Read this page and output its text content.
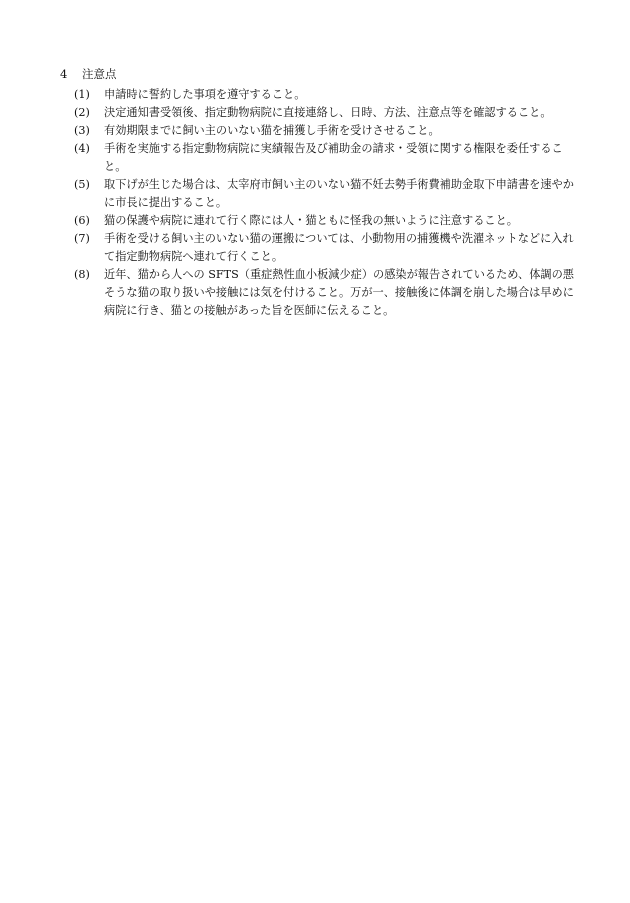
4 注意点
(1)	申請時に誓約した事項を遵守すること。
(2)	決定通知書受領後、指定動物病院に直接連絡し、日時、方法、注意点等を確認すること。
(3)	有効期限までに飼い主のいない猫を捕獲し手術を受けさせること。
(4)	手術を実施する指定動物病院に実績報告及び補助金の請求・受領に関する権限を委任すること。
(5)	取下げが生じた場合は、太宰府市飼い主のいない猫不妊去勢手術費補助金取下申請書を速やかに市長に提出すること。
(6)	猫の保護や病院に連れて行く際には人・猫ともに怪我の無いように注意すること。
(7)	手術を受ける飼い主のいない猫の運搬については、小動物用の捕獲機や洗濯ネットなどに入れて指定動物病院へ連れて行くこと。
(8)	近年、猫から人への SFTS（重症熱性血小板減少症）の感染が報告されているため、体調の悪そうな猫の取り扱いや接触には気を付けること。万が一、接触後に体調を崩した場合は早めに病院に行き、猫との接触があった旨を医師に伝えること。
